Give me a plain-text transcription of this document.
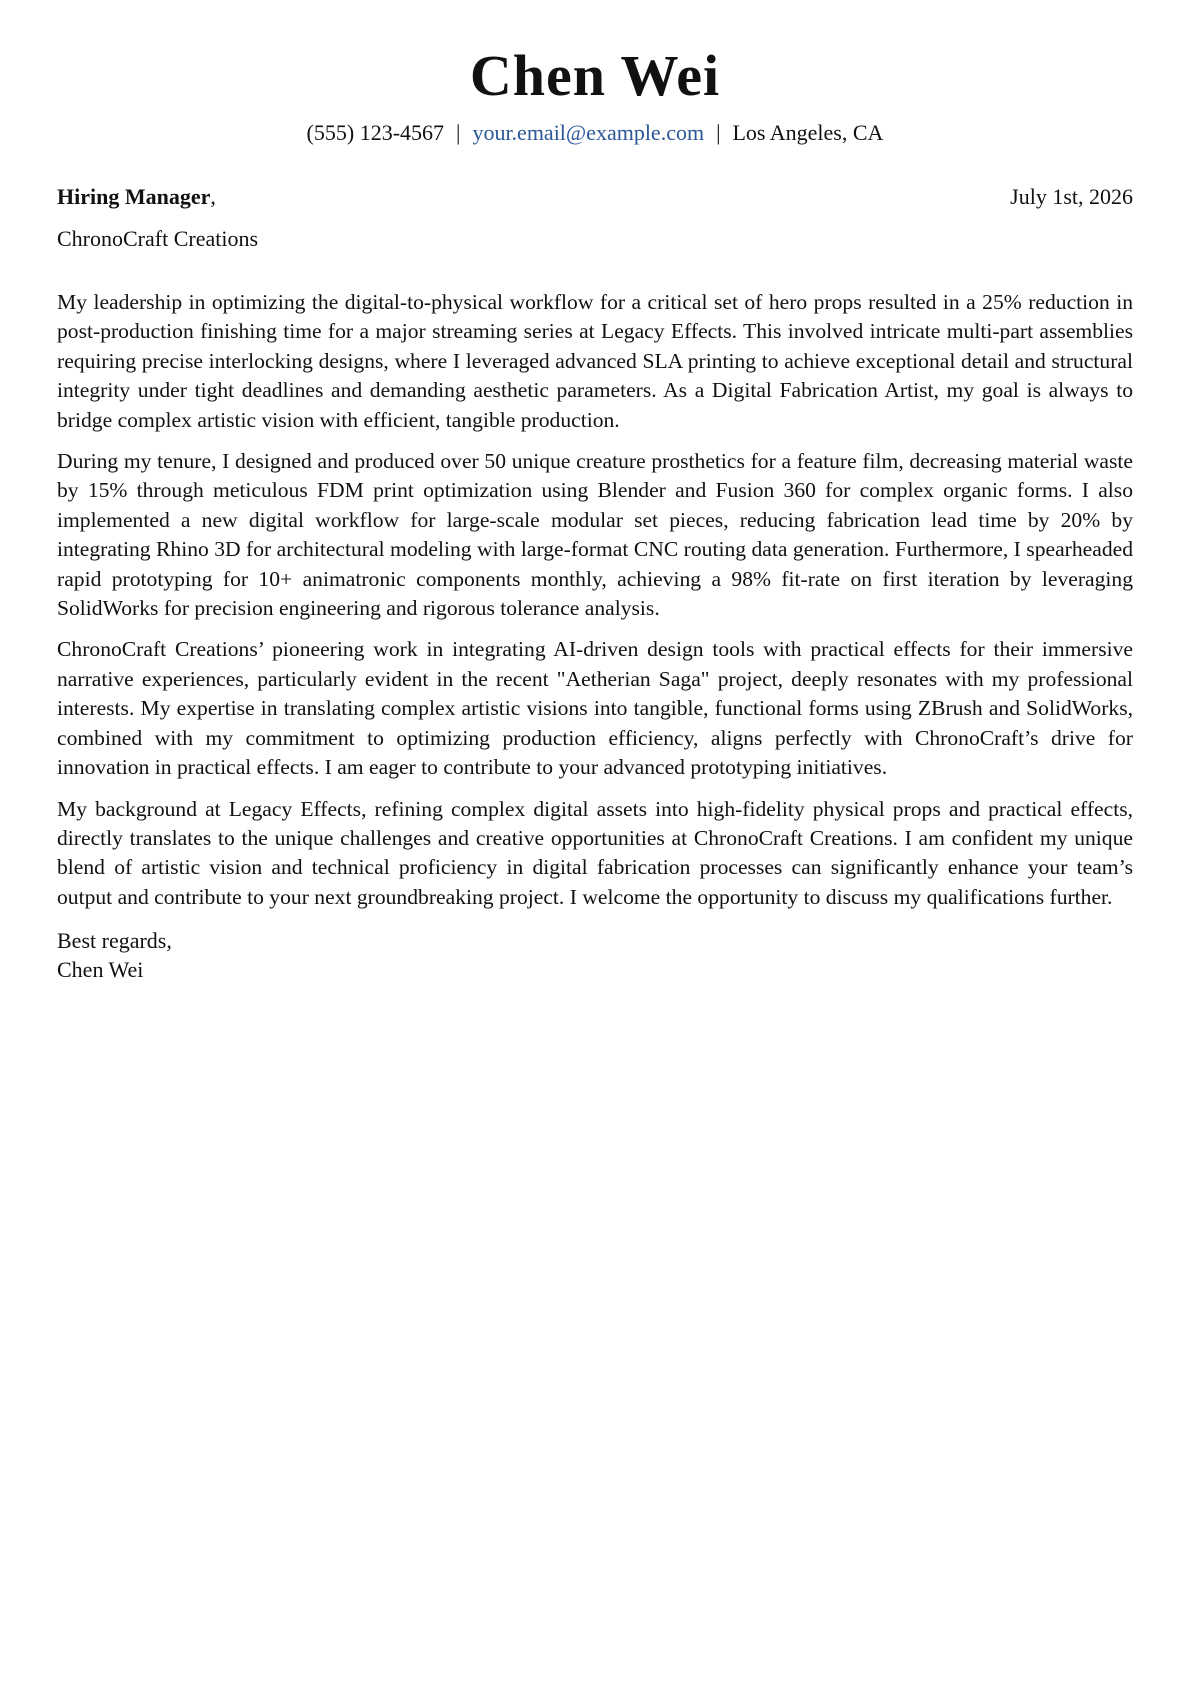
Chen Wei
(555) 123-4567 | your.email@example.com | Los Angeles, CA
Hiring Manager,	July 1st, 2026
ChronoCraft Creations

My leadership in optimizing the digital-to-physical workflow for a critical set of hero props resulted in a 25% reduction in post-production finishing time for a major streaming series at Legacy Effects. This involved intricate multi-part assemblies requiring precise interlocking designs, where I leveraged advanced SLA printing to achieve exceptional detail and structural integrity under tight deadlines and demanding aesthetic parameters. As a Digital Fabrication Artist, my goal is always to bridge complex artistic vision with efficient, tangible production.

During my tenure, I designed and produced over 50 unique creature prosthetics for a feature film, decreasing material waste by 15% through meticulous FDM print optimization using Blender and Fusion 360 for complex organic forms. I also implemented a new digital workflow for large-scale modular set pieces, reducing fabrication lead time by 20% by integrating Rhino 3D for architectural modeling with large-format CNC routing data generation. Furthermore, I spearheaded rapid prototyping for 10+ animatronic components monthly, achieving a 98% fit-rate on first iteration by leveraging SolidWorks for precision engineering and rigorous tolerance analysis.

ChronoCraft Creations’ pioneering work in integrating AI-driven design tools with practical effects for their immersive narrative experiences, particularly evident in the recent "Aetherian Saga" project, deeply resonates with my professional interests. My expertise in translating complex artistic visions into tangible, functional forms using ZBrush and SolidWorks, combined with my commitment to optimizing production efficiency, aligns perfectly with ChronoCraft’s drive for innovation in practical effects. I am eager to contribute to your advanced prototyping initiatives.

My background at Legacy Effects, refining complex digital assets into high-fidelity physical props and practical effects, directly translates to the unique challenges and creative opportunities at ChronoCraft Creations. I am confident my unique blend of artistic vision and technical proficiency in digital fabrication processes can significantly enhance your team’s output and contribute to your next groundbreaking project. I welcome the opportunity to discuss my qualifications further.

Best regards,
Chen Wei
